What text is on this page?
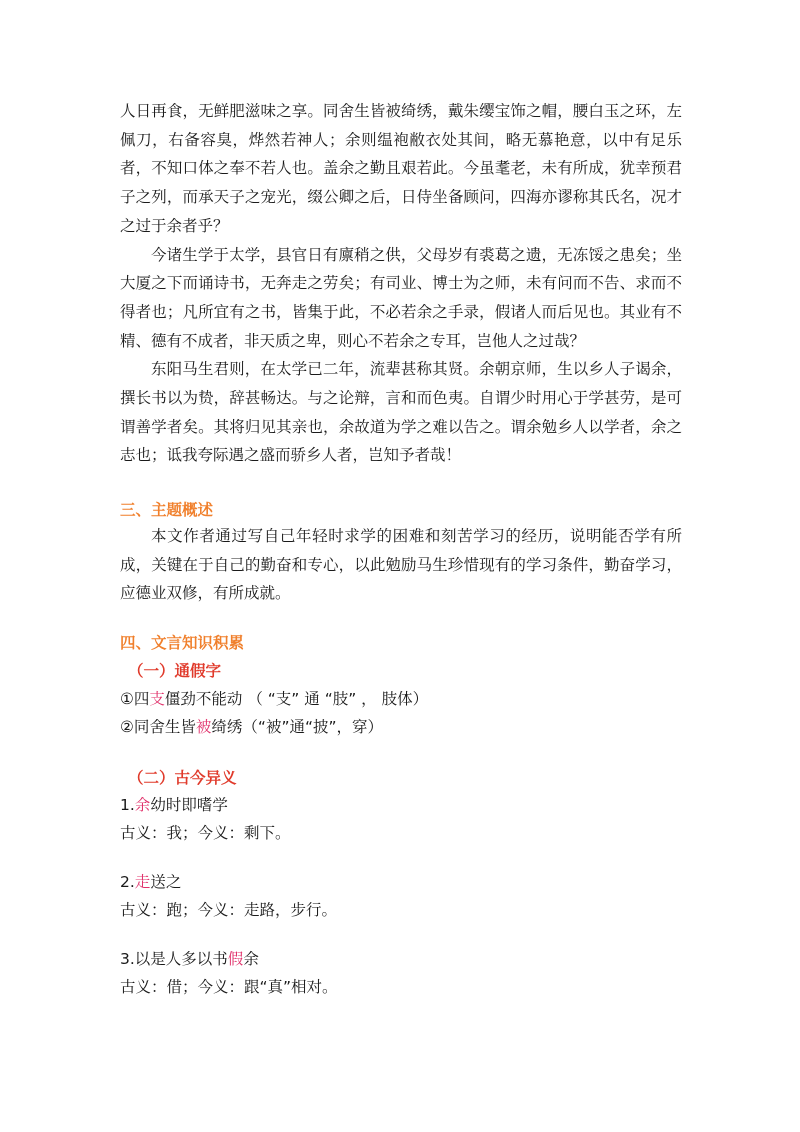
人日再食，无鲜肥滋味之享。同舍生皆被绮绣，戴朱缨宝饰之帽，腰白玉之环，左佩刀，右备容臭，烨然若神人；余则缊袍敝衣处其间，略无慕艳意，以中有足乐者，不知口体之奉不若人也。盖余之勤且艰若此。今虽耄老，未有所成，犹幸预君子之列，而承天子之宠光，缀公卿之后，日侍坐备顾问，四海亦谬称其氏名，况才之过于余者乎？

今诸生学于太学，县官日有廪稍之供，父母岁有裘葛之遗，无冻馁之患矣；坐大厦之下而诵诗书，无奔走之劳矣；有司业、博士为之师，未有问而不告、求而不得者也；凡所宜有之书，皆集于此，不必若余之手录，假诸人而后见也。其业有不精、德有不成者，非天质之卑，则心不若余之专耳，岂他人之过哉？

东阳马生君则，在太学已二年，流辈甚称其贤。余朝京师，生以乡人子谒余，撰长书以为贽，辞甚畅达。与之论辩，言和而色夷。自谓少时用心于学甚劳，是可谓善学者矣。其将归见其亲也，余故道为学之难以告之。谓余勉乡人以学者，余之志也；诋我夸际遇之盛而骄乡人者，岂知予者哉！

三、主题概述

本文作者通过写自己年轻时求学的困难和刻苦学习的经历，说明能否学有所成，关键在于自己的勤奋和专心，以此勉励马生珍惜现有的学习条件，勤奋学习，应德业双修，有所成就。

四、文言知识积累
（一）通假字

①四支僵劲不能动 （ “支” 通 “肢” ， 肢体）

②同舍生皆被绮绣（“被”通“披”，穿）

（二）古今异义

1.余幼时即嗜学

古义：我；今义：剩下。

2.走送之

古义：跑；今义：走路，步行。

3.以是人多以书假余

古义：借；今义：跟“真”相对。
